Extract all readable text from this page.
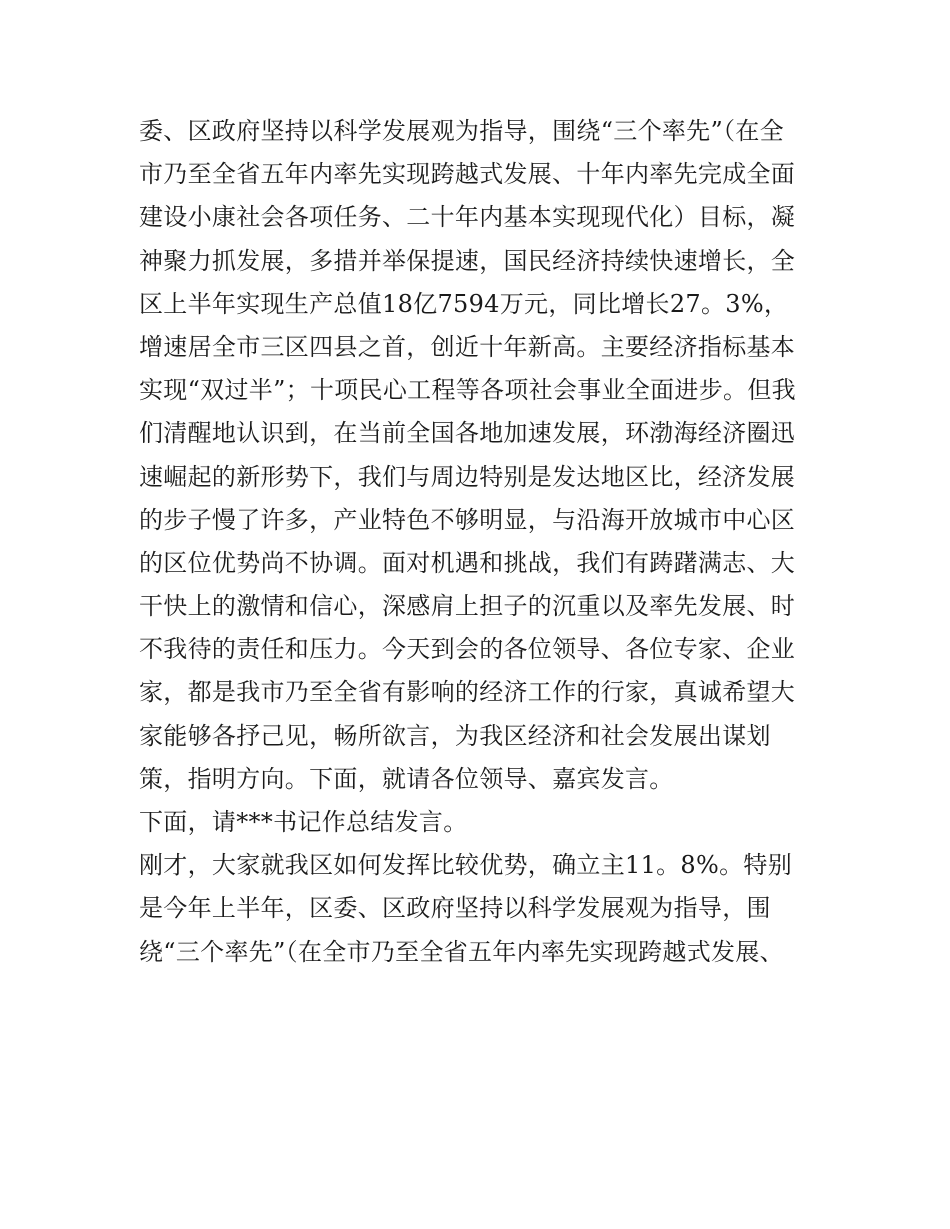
委、区政府坚持以科学发展观为指导，围绕“三个率先”（在全
市乃至全省五年内率先实现跨越式发展、十年内率先完成全面
建设小康社会各项任务、二十年内基本实现现代化）目标，凝
神聚力抓发展，多措并举保提速，国民经济持续快速增长，全
区上半年实现生产总值18亿7594万元，同比增长27。3%，
增速居全市三区四县之首，创近十年新高。主要经济指标基本
实现“双过半”；十项民心工程等各项社会事业全面进步。但我
们清醒地认识到，在当前全国各地加速发展，环渤海经济圈迅
速崛起的新形势下，我们与周边特别是发达地区比，经济发展
的步子慢了许多，产业特色不够明显，与沿海开放城市中心区
的区位优势尚不协调。面对机遇和挑战，我们有踌躇满志、大
干快上的激情和信心，深感肩上担子的沉重以及率先发展、时
不我待的责任和压力。今天到会的各位领导、各位专家、企业
家，都是我市乃至全省有影响的经济工作的行家，真诚希望大
家能够各抒己见，畅所欲言，为我区经济和社会发展出谋划
策，指明方向。下面，就请各位领导、嘉宾发言。
下面，请***书记作总结发言。
刚才，大家就我区如何发挥比较优势，确立主11。8%。特别
是今年上半年，区委、区政府坚持以科学发展观为指导，围
绕“三个率先”（在全市乃至全省五年内率先实现跨越式发展、
